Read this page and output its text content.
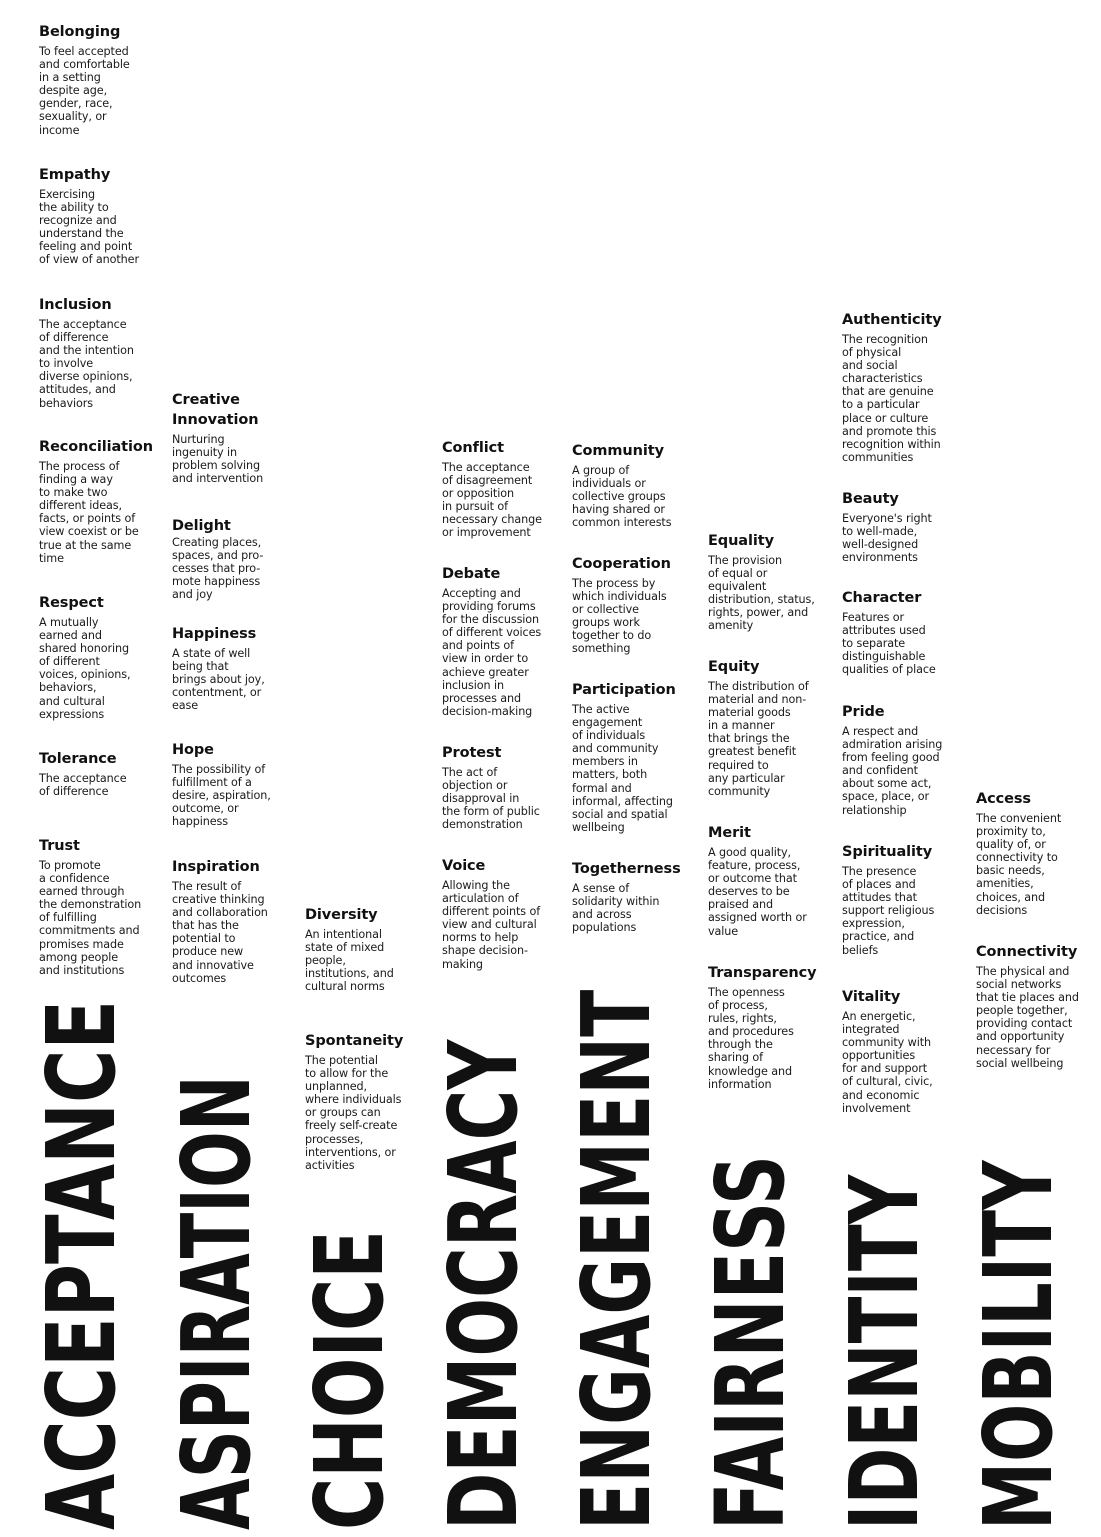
Belonging
To feel accepted
and comfortable
in a setting
despite age,
gender, race,
sexuality, or
income
Empathy
Exercising
the ability to
recognize and
understand the
feeling and point
of view of another
Inclusion
The acceptance
of difference
and the intention
to involve
diverse opinions,
attitudes, and
behaviors
Reconciliation
The process of
finding a way
to make two
different ideas,
facts, or points of
view coexist or be
true at the same
time
Respect
A mutually
earned and
shared honoring
of different
voices, opinions,
behaviors,
and cultural
expressions
Tolerance
The acceptance
of difference
Trust
To promote
a confidence
earned through
the demonstration
of fulfilling
commitments and
promises made
among people
and institutions
Creative
Innovation
Nurturing
ingenuity in
problem solving
and intervention
Delight
Creating places,
spaces, and pro-
cesses that pro-
mote happiness
and joy
Happiness
A state of well
being that
brings about joy,
contentment, or
ease
Hope
The possibility of
fulfillment of a
desire, aspiration,
outcome, or
happiness
Inspiration
The result of
creative thinking
and collaboration
that has the
potential to
produce new
and innovative
outcomes
Diversity
An intentional
state of mixed
people,
institutions, and
cultural norms
Spontaneity
The potential
to allow for the
unplanned,
where individuals
or groups can
freely self-create
processes,
interventions, or
activities
Conflict
The acceptance
of disagreement
or opposition
in pursuit of
necessary change
or improvement
Debate
Accepting and
providing forums
for the discussion
of different voices
and points of
view in order to
achieve greater
inclusion in
processes and
decision-making
Protest
The act of
objection or
disapproval in
the form of public
demonstration
Voice
Allowing the
articulation of
different points of
view and cultural
norms to help
shape decision-
making
Community
A group of
individuals or
collective groups
having shared or
common interests
Cooperation
The process by
which individuals
or collective
groups work
together to do
something
Participation
The active
engagement
of individuals
and community
members in
matters, both
formal and
informal, affecting
social and spatial
wellbeing
Togetherness
A sense of
solidarity within
and across
populations
Equality
The provision
of equal or
equivalent
distribution, status,
rights, power, and
amenity
Equity
The distribution of
material and non-
material goods
in a manner
that brings the
greatest benefit
required to
any particular
community
Merit
A good quality,
feature, process,
or outcome that
deserves to be
praised and
assigned worth or
value
Transparency
The openness
of process,
rules, rights,
and procedures
through the
sharing of
knowledge and
information
Authenticity
The recognition
of physical
and social
characteristics
that are genuine
to a particular
place or culture
and promote this
recognition within
communities
Beauty
Everyone's right
to well-made,
well-designed
environments
Character
Features or
attributes used
to separate
distinguishable
qualities of place
Pride
A respect and
admiration arising
from feeling good
and confident
about some act,
space, place, or
relationship
Spirituality
The presence
of places and
attitudes that
support religious
expression,
practice, and
beliefs
Vitality
An energetic,
integrated
community with
opportunities
for and support
of cultural, civic,
and economic
involvement
Access
The convenient
proximity to,
quality of, or
connectivity to
basic needs,
amenities,
choices, and
decisions
Connectivity
The physical and
social networks
that tie places and
people together,
providing contact
and opportunity
necessary for
social wellbeing
ACCEPTANCE ASPIRATION CHOICE DEMOCRACY ENGAGEMENT FAIRNESS IDENTITY MOBILITY
